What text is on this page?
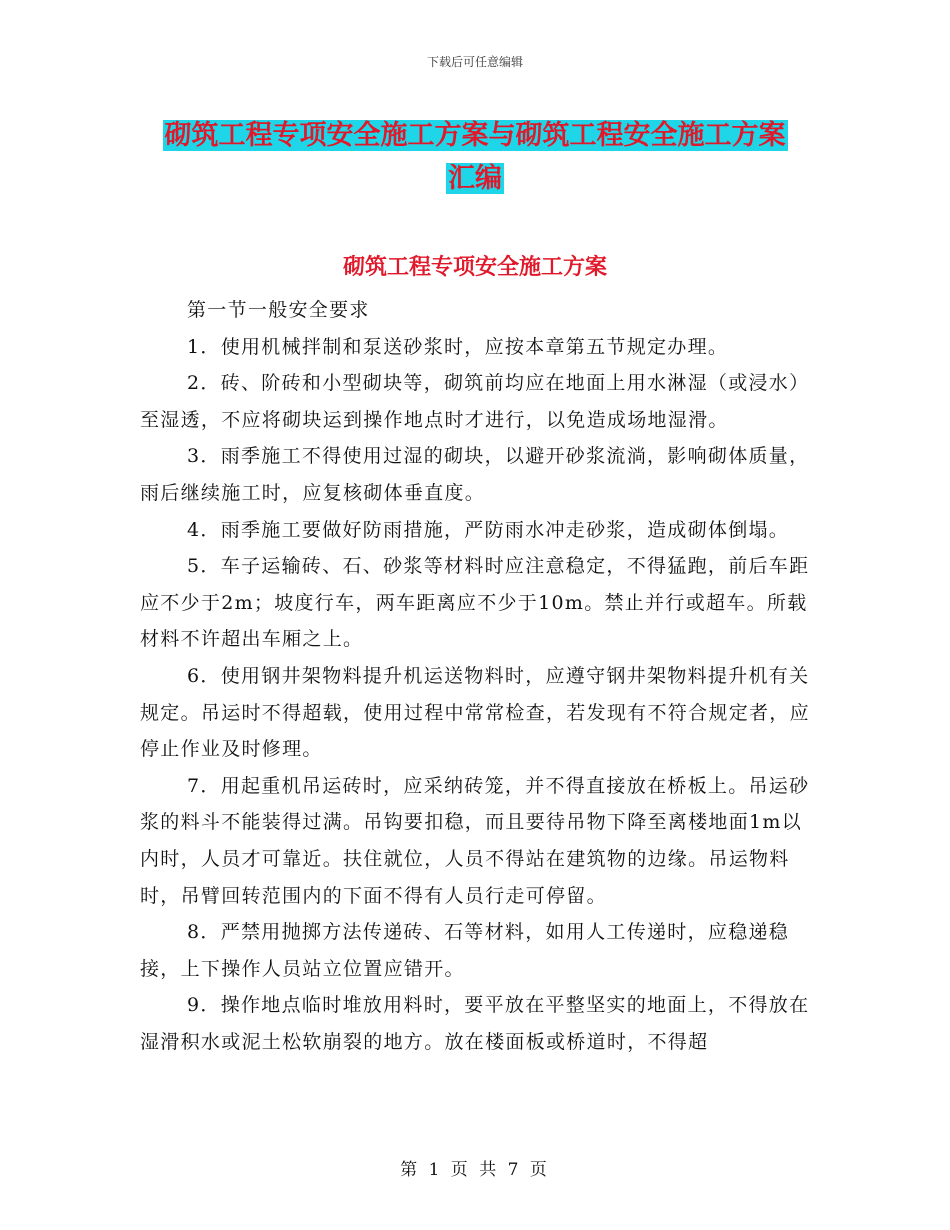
下载后可任意编辑
砌筑工程专项安全施工方案与砌筑工程安全施工方案
汇编
砌筑工程专项安全施工方案

第一节一般安全要求

1．使用机械拌制和泵送砂浆时，应按本章第五节规定办理。

2．砖、阶砖和小型砌块等，砌筑前均应在地面上用水淋湿（或浸水）至湿透，不应将砌块运到操作地点时才进行，以免造成场地湿滑。

3．雨季施工不得使用过湿的砌块，以避开砂浆流淌，影响砌体质量，雨后继续施工时，应复核砌体垂直度。

4．雨季施工要做好防雨措施，严防雨水冲走砂浆，造成砌体倒塌。

5．车子运输砖、石、砂浆等材料时应注意稳定，不得猛跑，前后车距应不少于2m；坡度行车，两车距离应不少于10m。禁止并行或超车。所载材料不许超出车厢之上。

6．使用钢井架物料提升机运送物料时，应遵守钢井架物料提升机有关规定。吊运时不得超载，使用过程中常常检查，若发现有不符合规定者，应停止作业及时修理。

7．用起重机吊运砖时，应采纳砖笼，并不得直接放在桥板上。吊运砂浆的料斗不能装得过满。吊钩要扣稳，而且要待吊物下降至离楼地面1m以内时，人员才可靠近。扶住就位，人员不得站在建筑物的边缘。吊运物料时，吊臂回转范围内的下面不得有人员行走可停留。

8．严禁用抛掷方法传递砖、石等材料，如用人工传递时，应稳递稳接，上下操作人员站立位置应错开。

9．操作地点临时堆放用料时，要平放在平整坚实的地面上，不得放在湿滑积水或泥土松软崩裂的地方。放在楼面板或桥道时，不得超

第 1 页 共 7 页
